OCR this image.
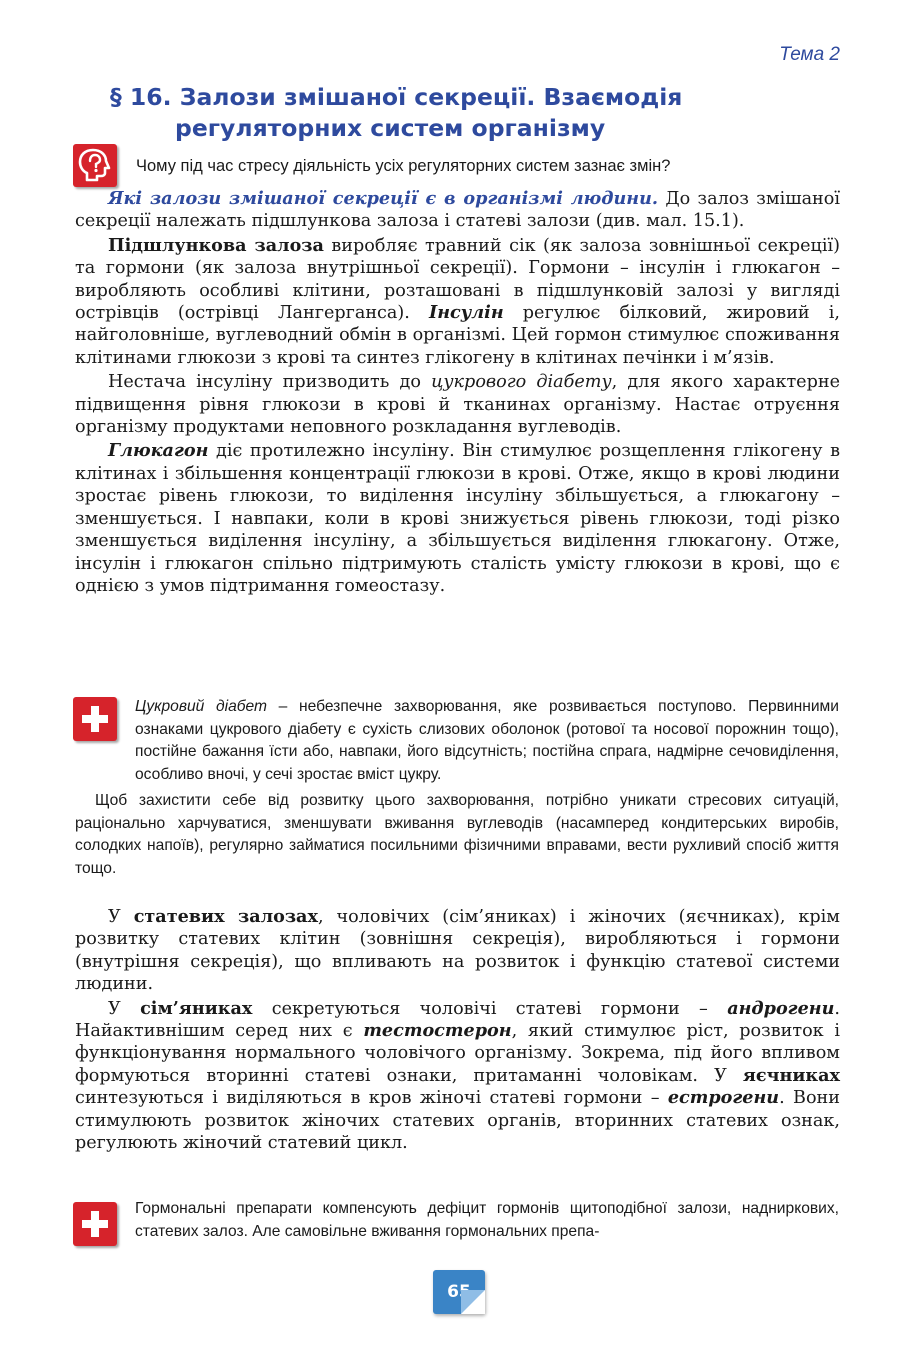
Тема 2
§ 16. Залози змішаної секреції. Взаємодія
регуляторних систем організму
Чому під час стресу діяльність усіх регуляторних систем зазнає змін?

Які залози змішаної секреції є в організмі людини. До залоз змішаної секреції належать підшлункова залоза і статеві залози (див. мал. 15.1).

Підшлункова залоза виробляє травний сік (як залоза зовнішньої секреції) та гормони (як залоза внутрішньої секреції). Гормони – інсулін і глюкагон – виробляють особливі клітини, розташовані в підшлунковій залозі у вигляді острівців (острівці Лангерганса). Інсулін регулює білковий, жировий і, найголовніше, вуглеводний обмін в організмі. Цей гормон стимулює споживання клітинами глюкози з крові та синтез глікогену в клітинах печінки і м’язів.

Нестача інсуліну призводить до цукрового діабету, для якого характерне підвищення рівня глюкози в крові й тканинах організму. Настає отруєння організму продуктами неповного розкладання вуглеводів.

Глюкагон діє протилежно інсуліну. Він стимулює розщеплення глікогену в клітинах і збільшення концентрації глюкози в крові. Отже, якщо в крові людини зростає рівень глюкози, то виділення інсуліну збільшується, а глюкагону – зменшується. І навпаки, коли в крові знижується рівень глюкози, тоді різко зменшується виділення інсуліну, а збільшується виділення глюкагону. Отже, інсулін і глюкагон спільно підтримують сталість умісту глюкози в крові, що є однією з умов підтримання гомеостазу.

Цукровий діабет – небезпечне захворювання, яке розвивається поступово. Первинними ознаками цукрового діабету є сухість слизових оболонок (ротової та носової порожнин тощо), постійне бажання їсти або, навпаки, його відсутність; постійна спрага, надмірне сечовиділення, особливо вночі, у сечі зростає вміст цукру.

Щоб захистити себе від розвитку цього захворювання, потрібно уникати стресових ситуацій, раціонально харчуватися, зменшувати вживання вуглеводів (насамперед кондитерських виробів, солодких напоїв), регулярно займатися посильними фізичними вправами, вести рухливий спосіб життя тощо.

У статевих залозах, чоловічих (сім’яниках) і жіночих (яєчниках), крім розвитку статевих клітин (зовнішня секреція), виробляються і гормони (внутрішня секреція), що впливають на розвиток і функцію статевої системи людини.

У сім’яниках секретуються чоловічі статеві гормони – андрогени. Найактивнішим серед них є тестостерон, який стимулює ріст, розвиток і функціонування нормального чоловічого організму. Зокрема, під його впливом формуються вторинні статеві ознаки, притаманні чоловікам. У яєчниках синтезуються і виділяються в кров жіночі статеві гормони – естрогени. Вони стимулюють розвиток жіночих статевих органів, вторинних статевих ознак, регулюють жіночий статевий цикл.

Гормональні препарати компенсують дефіцит гормонів щитоподібної залози, надниркових, статевих залоз. Але самовільне вживання гормональних препа-

65
